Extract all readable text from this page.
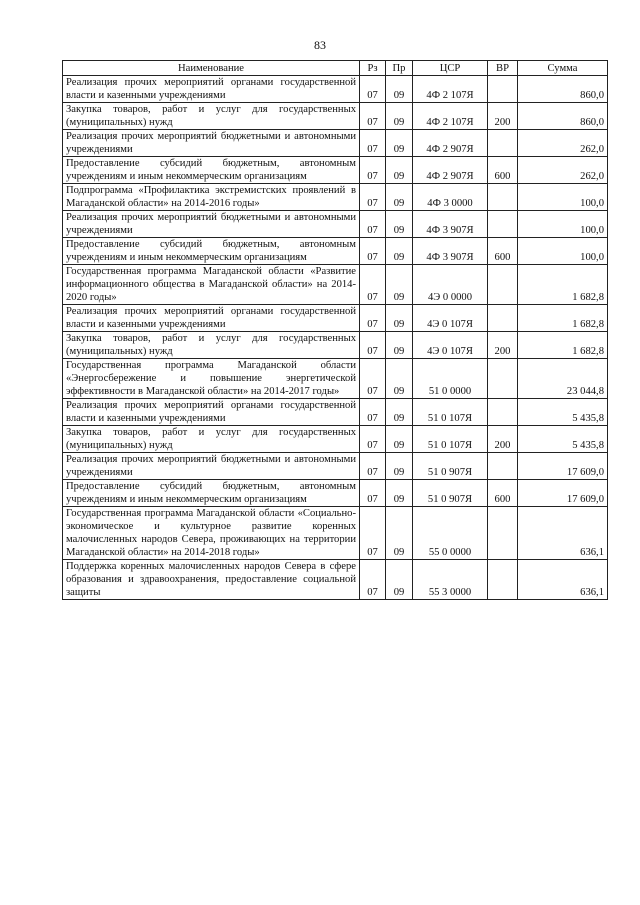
83
Наименование	Рз	Пр	ЦСР	ВР	Сумма
Реализация прочих мероприятий органами государственной власти и казенными учреждениями	07	09	4Ф 2 107Я		860,0
Закупка товаров, работ и услуг для государственных (муниципальных) нужд	07	09	4Ф 2 107Я	200	860,0
Реализация прочих мероприятий бюджетными и автономными учреждениями	07	09	4Ф 2 907Я		262,0
Предоставление субсидий бюджетным, автономным учреждениям и иным некоммерческим организациям	07	09	4Ф 2 907Я	600	262,0
Подпрограмма «Профилактика экстремистских проявлений в Магаданской области» на 2014-2016 годы»	07	09	4Ф 3 0000		100,0
Реализация прочих мероприятий бюджетными и автономными учреждениями	07	09	4Ф 3 907Я		100,0
Предоставление субсидий бюджетным, автономным учреждениям и иным некоммерческим организациям	07	09	4Ф 3 907Я	600	100,0
Государственная программа Магаданской области «Развитие информационного общества в Магаданской области» на 2014-2020 годы»	07	09	4Э 0 0000		1 682,8
Реализация прочих мероприятий органами государственной власти и казенными учреждениями	07	09	4Э 0 107Я		1 682,8
Закупка товаров, работ и услуг для государственных (муниципальных) нужд	07	09	4Э 0 107Я	200	1 682,8
Государственная программа Магаданской области «Энергосбережение и повышение энергетической эффективности в Магаданской области» на 2014-2017 годы»	07	09	51 0 0000		23 044,8
Реализация прочих мероприятий органами государственной власти и казенными учреждениями	07	09	51 0 107Я		5 435,8
Закупка товаров, работ и услуг для государственных (муниципальных) нужд	07	09	51 0 107Я	200	5 435,8
Реализация прочих мероприятий бюджетными и автономными учреждениями	07	09	51 0 907Я		17 609,0
Предоставление субсидий бюджетным, автономным учреждениям и иным некоммерческим организациям	07	09	51 0 907Я	600	17 609,0
Государственная программа Магаданской области «Социально-экономическое и культурное развитие коренных малочисленных народов Севера, проживающих на территории Магаданской области» на 2014-2018 годы»	07	09	55 0 0000		636,1
Поддержка коренных малочисленных народов Севера в сфере образования и здравоохранения, предоставление социальной защиты	07	09	55 3 0000		636,1
